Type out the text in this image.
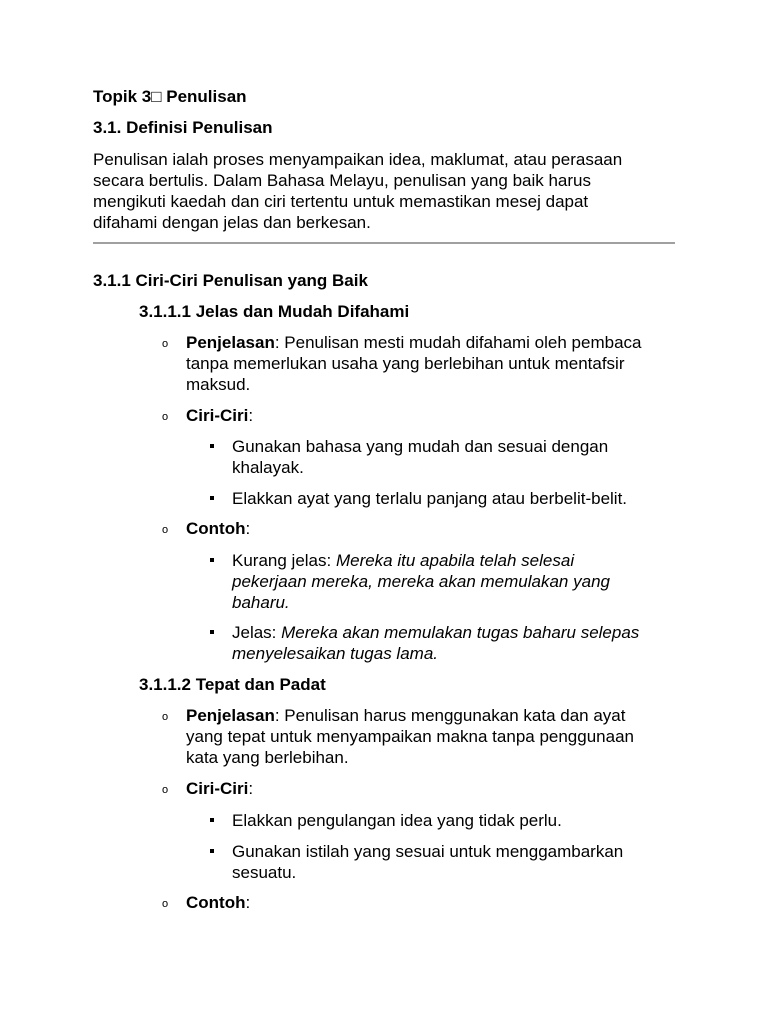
Topik 3□ Penulisan
3.1. Definisi Penulisan
Penulisan ialah proses menyampaikan idea, maklumat, atau perasaan
secara bertulis. Dalam Bahasa Melayu, penulisan yang baik harus
mengikuti kaedah dan ciri tertentu untuk memastikan mesej dapat
difahami dengan jelas dan berkesan.
3.1.1 Ciri-Ciri Penulisan yang Baik
3.1.1.1 Jelas dan Mudah Difahami
o Penjelasan: Penulisan mesti mudah difahami oleh pembaca
tanpa memerlukan usaha yang berlebihan untuk mentafsir
maksud.
o Ciri-Ciri:
Gunakan bahasa yang mudah dan sesuai dengan
khalayak.
Elakkan ayat yang terlalu panjang atau berbelit-belit.
o Contoh:
Kurang jelas: Mereka itu apabila telah selesai
pekerjaan mereka, mereka akan memulakan yang
baharu.
Jelas: Mereka akan memulakan tugas baharu selepas
menyelesaikan tugas lama.
3.1.1.2 Tepat dan Padat
o Penjelasan: Penulisan harus menggunakan kata dan ayat
yang tepat untuk menyampaikan makna tanpa penggunaan
kata yang berlebihan.
o Ciri-Ciri:
Elakkan pengulangan idea yang tidak perlu.
Gunakan istilah yang sesuai untuk menggambarkan
sesuatu.
o Contoh:
